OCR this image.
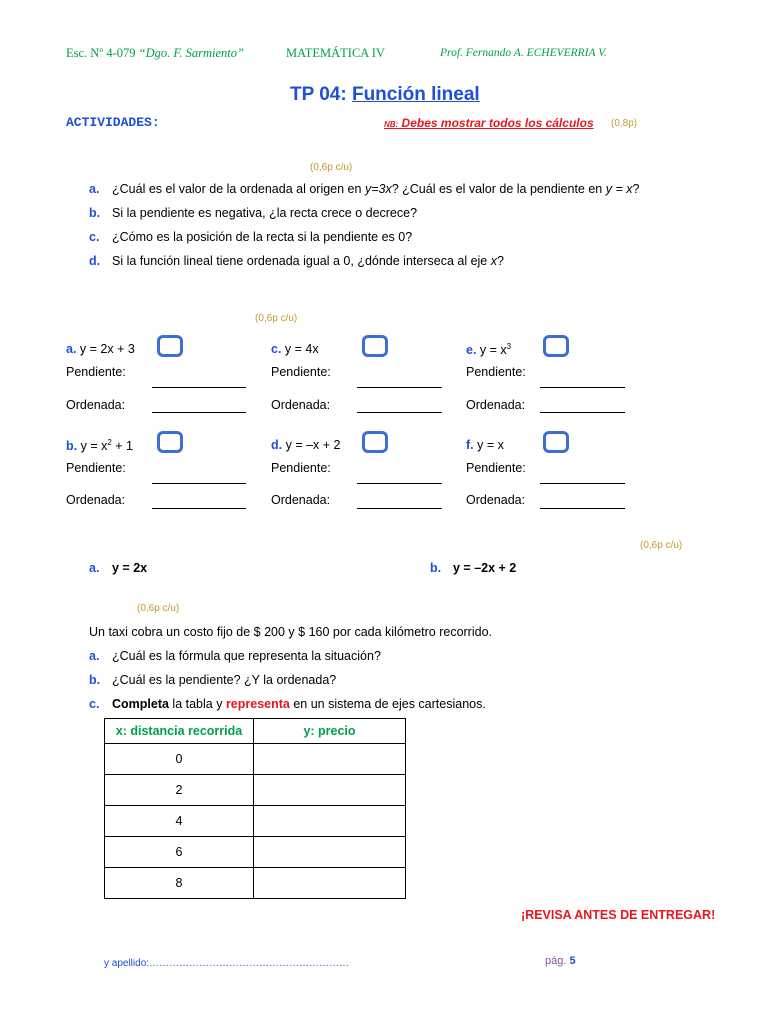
Esc. Nº 4-079 “Dgo. F. Sarmiento”	MATEMÁTICA IV	Prof. Fernando A. ECHEVERRIA V.
TP 04: Función lineal
ACTIVIDADES:	NB: Debes mostrar todos los cálculos (0,8p)
(0,6p c/u)
a. ¿Cuál es el valor de la ordenada al origen en y=3x? ¿Cuál es el valor de la pendiente en y = x?
b. Si la pendiente es negativa, ¿la recta crece o decrece?
c. ¿Cómo es la posición de la recta si la pendiente es 0?
d. Si la función lineal tiene ordenada igual a 0, ¿dónde interseca al eje x?
(0,6p c/u)
a. y = 2x + 3
Pendiente:
Ordenada:
c. y = 4x
Pendiente:
Ordenada:
e. $y = x^3$
Pendiente:
Ordenada:
b. $y = x^2 + 1$
Pendiente:
Ordenada:
d. y = –x + 2
Pendiente:
Ordenada:
f. y = x
Pendiente:
Ordenada:
(0,6p c/u)
a. y = 2x	b. y = –2x + 2
(0,6p c/u)
Un taxi cobra un costo fijo de $ 200 y $ 160 por cada kilómetro recorrido.
a. ¿Cuál es la fórmula que representa la situación?
b. ¿Cuál es la pendiente? ¿Y la ordenada?
c. Completa la tabla y representa en un sistema de ejes cartesianos.
x: distancia recorrida	y: precio
0	
2	
4	
6	
8	
¡REVISA ANTES DE ENTREGAR!
y apellido:……………………………………………………	pág. 5
